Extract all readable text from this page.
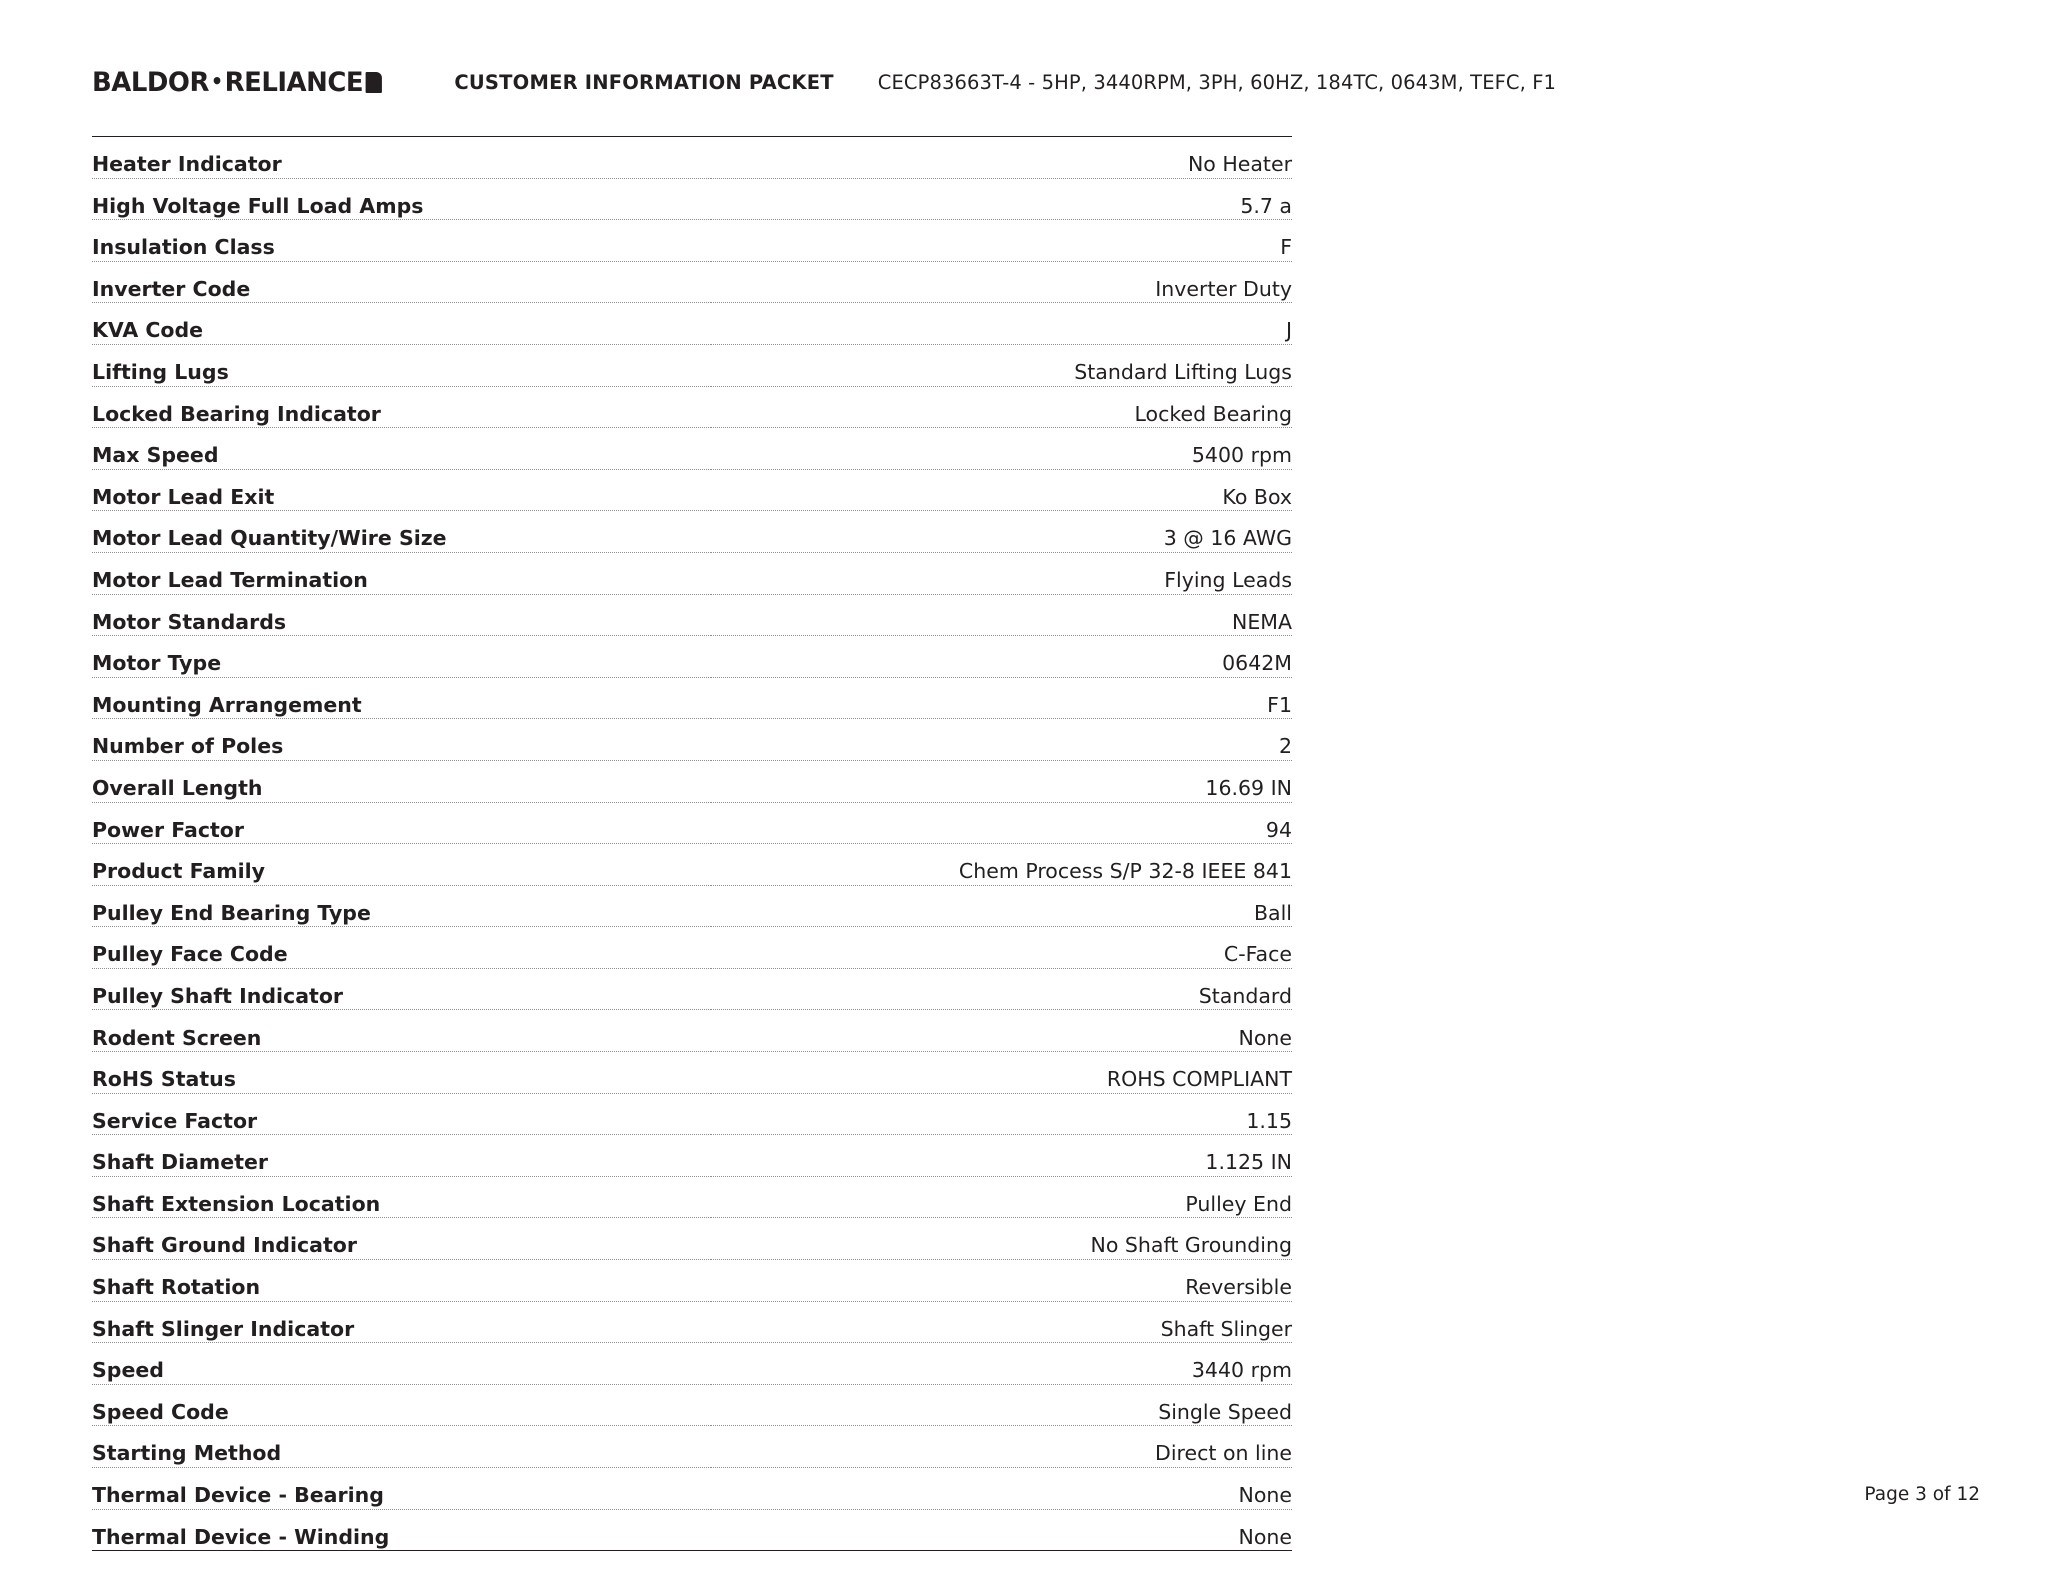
BALDOR•RELIANCE	CUSTOMER INFORMATION PACKET CECP83663T-4 - 5HP, 3440RPM, 3PH, 60HZ, 184TC, 0643M, TEFC, F1
Heater Indicator	No Heater
High Voltage Full Load Amps	5.7 a
Insulation Class	F
Inverter Code	Inverter Duty
KVA Code	J
Lifting Lugs	Standard Lifting Lugs
Locked Bearing Indicator	Locked Bearing
Max Speed	5400 rpm
Motor Lead Exit	Ko Box
Motor Lead Quantity/Wire Size	3 @ 16 AWG
Motor Lead Termination	Flying Leads
Motor Standards	NEMA
Motor Type	0642M
Mounting Arrangement	F1
Number of Poles	2
Overall Length	16.69 IN
Power Factor	94
Product Family	Chem Process S/P 32-8 IEEE 841
Pulley End Bearing Type	Ball
Pulley Face Code	C-Face
Pulley Shaft Indicator	Standard
Rodent Screen	None
RoHS Status	ROHS COMPLIANT
Service Factor	1.15
Shaft Diameter	1.125 IN
Shaft Extension Location	Pulley End
Shaft Ground Indicator	No Shaft Grounding
Shaft Rotation	Reversible
Shaft Slinger Indicator	Shaft Slinger
Speed	3440 rpm
Speed Code	Single Speed
Starting Method	Direct on line
Thermal Device - Bearing	None
Thermal Device - Winding	None
Page 3 of 12
